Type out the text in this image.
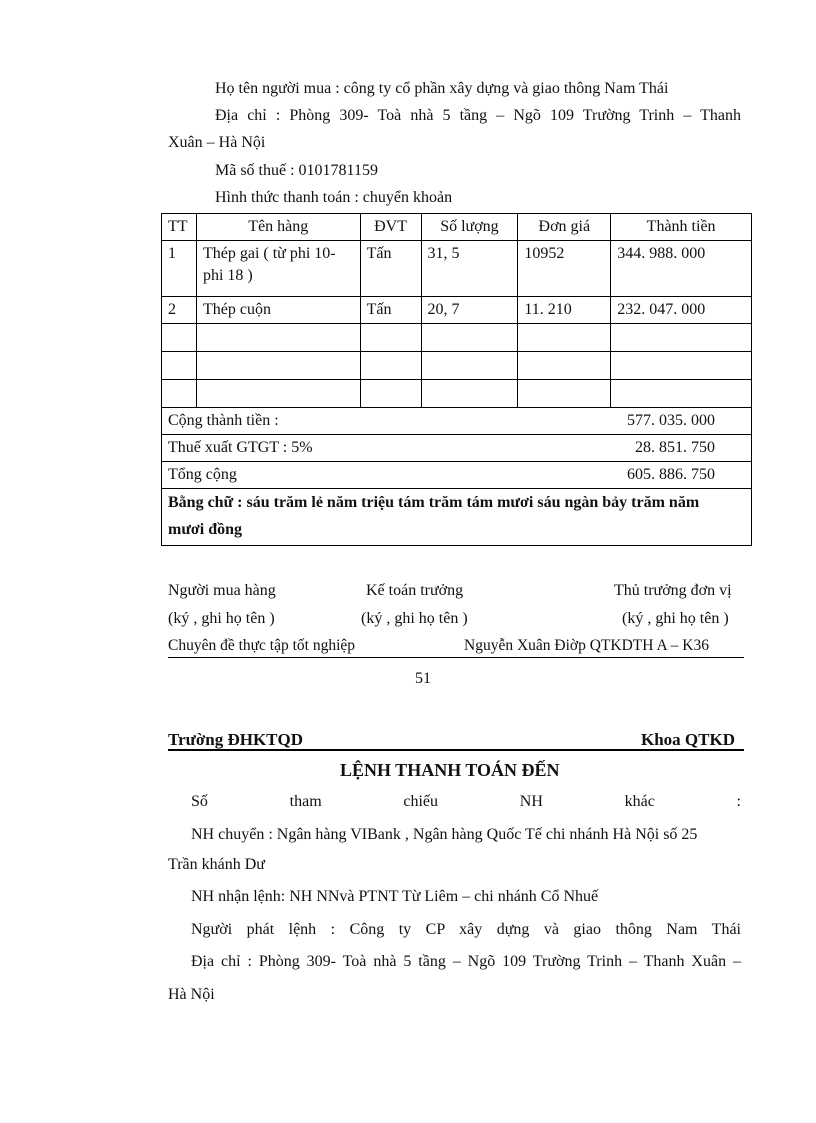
Họ tên người mua : công ty cổ phần xây dựng và giao thông Nam Thái
Địa chỉ : Phòng 309- Toà nhà 5 tầng – Ngõ 109 Trường Trinh – Thanh
Xuân – Hà Nội
Mã số thuế : 0101781159
Hình thức thanh toán : chuyển khoản
TT	Tên hàng	ĐVT	Số lượng	Đơn giá	Thành tiền
1	Thép gai ( từ phi 10- phi 18 )	Tấn	31, 5	10952	344. 988. 000
2	Thép cuộn	Tấn	20, 7	11. 210	232. 047. 000

Cộng thành tiền : 577. 035. 000					

Thuế xuất GTGT : 5% 28. 851. 750					

Tổng cộng 605. 886. 750					

Bằng chữ : sáu trăm lẻ năm triệu tám trăm tám mươi sáu ngàn bảy trăm năm
mươi đồng					
Người mua hàng	Kế toán trưởng	Thủ trưởng đơn vị
(ký , ghi họ tên )	(ký , ghi họ tên )	(ký , ghi họ tên )
Chuyên đề thực tập tốt nghiệp	Nguyễn Xuân Điờp QTKDTH A – K36
51
Trường ĐHKTQD	Khoa QTKD
LỆNH THANH TOÁN ĐẾN
Số	tham	chiếu	NH	khác	:
NH chuyển : Ngân hàng VIBank , Ngân hàng Quốc Tế chi nhánh Hà Nội số 25
Trần khánh Dư
NH nhận lệnh: NH NNvà PTNT Từ Liêm – chi nhánh Cổ Nhuế
Người phát lệnh : Công ty CP xây dựng và giao thông Nam Thái
Địa chỉ : Phòng 309- Toà nhà 5 tầng – Ngõ 109 Trường Trinh – Thanh Xuân –
Hà Nội
